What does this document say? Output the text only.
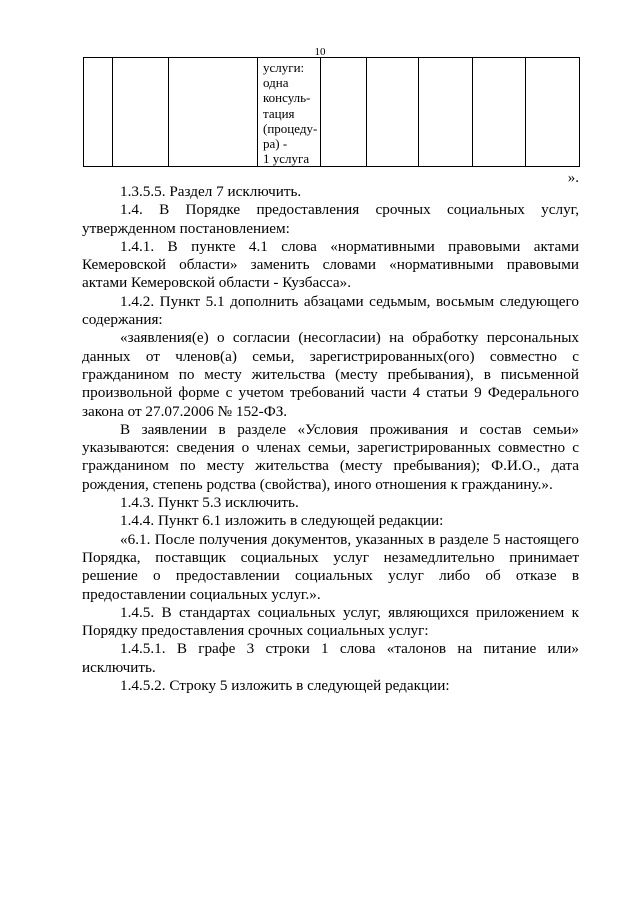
10

услуги:
одна
консуль-
тация
(процеду-
ра) -
1 услуга

».

1.3.5.5. Раздел 7 исключить.

1.4. В Порядке предоставления срочных социальных услуг, утвержденном постановлением:

1.4.1. В пункте 4.1 слова «нормативными правовыми актами Кемеровской области» заменить словами «нормативными правовыми актами Кемеровской области - Кузбасса».

1.4.2. Пункт 5.1 дополнить абзацами седьмым, восьмым следующего содержания:

«заявления(е) о согласии (несогласии) на обработку персональных данных от членов(а) семьи, зарегистрированных(ого) совместно с гражданином по месту жительства (месту пребывания), в письменной произвольной форме с учетом требований части 4 статьи 9 Федерального закона от 27.07.2006 № 152-ФЗ.

В заявлении в разделе «Условия проживания и состав семьи» указываются: сведения о членах семьи, зарегистрированных совместно с гражданином по месту жительства (месту пребывания); Ф.И.О., дата рождения, степень родства (свойства), иного отношения к гражданину.».

1.4.3. Пункт 5.3 исключить.

1.4.4. Пункт 6.1 изложить в следующей редакции:

«6.1. После получения документов, указанных в разделе 5 настоящего Порядка, поставщик социальных услуг незамедлительно принимает решение о предоставлении социальных услуг либо об отказе в предоставлении социальных услуг.».

1.4.5. В стандартах социальных услуг, являющихся приложением к Порядку предоставления срочных социальных услуг:

1.4.5.1. В графе 3 строки 1 слова «талонов на питание или» исключить.

1.4.5.2. Строку 5 изложить в следующей редакции:
